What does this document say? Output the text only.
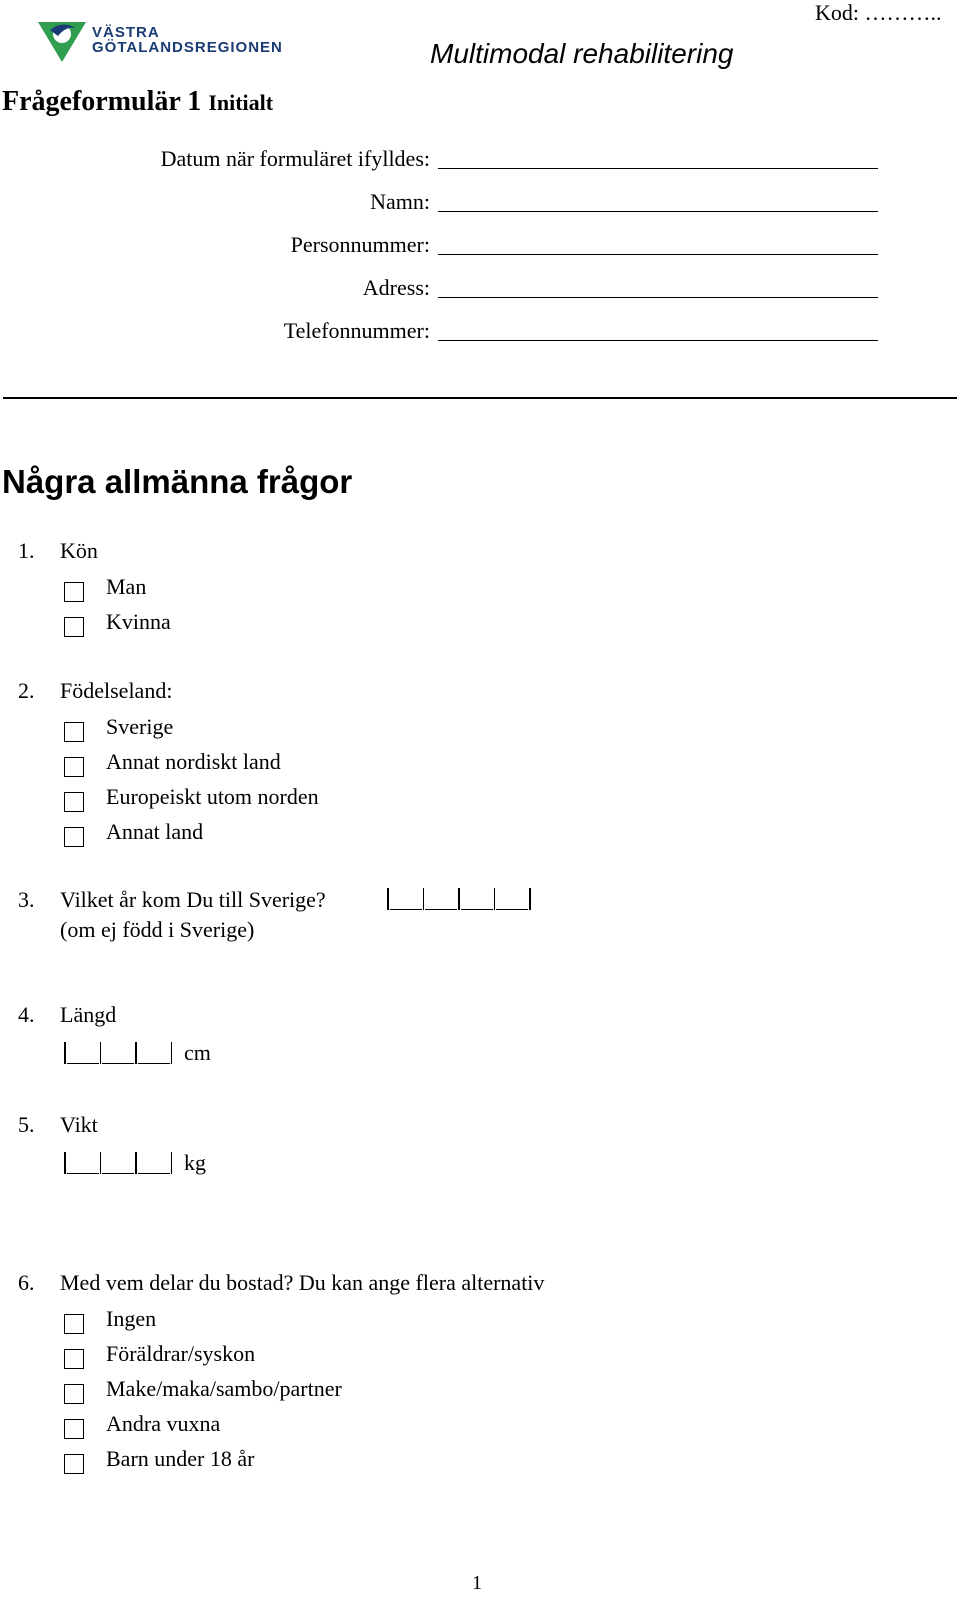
VÄSTRA
GÖTALANDSREGIONEN
Kod: ………..
Multimodal rehabilitering
Frågeformulär 1 Initialt
Datum när formuläret ifylldes:
Namn:
Personnummer:
Adress:
Telefonnummer:
Några allmänna frågor
1. Kön
Man
Kvinna
2. Födelseland:
Sverige
Annat nordiskt land
Europeiskt utom norden
Annat land
3. Vilket år kom Du till Sverige?
(om ej född i Sverige)
4. Längd
cm
5. Vikt
kg
6. Med vem delar du bostad? Du kan ange flera alternativ
Ingen
Föräldrar/syskon
Make/maka/sambo/partner
Andra vuxna
Barn under 18 år
1
